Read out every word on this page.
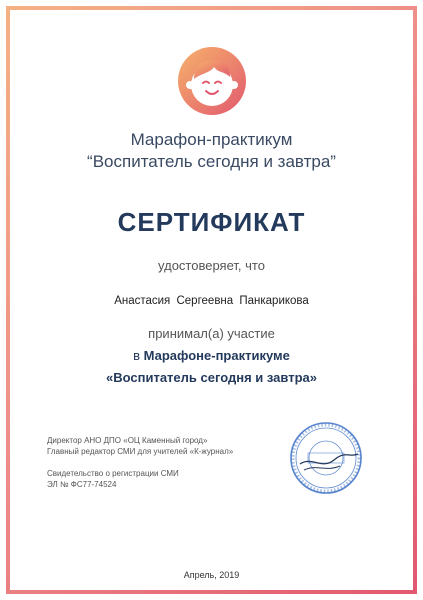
Марафон-практикум
“Воспитатель сегодня и завтра”
СЕРТИФИКАТ
удостоверяет, что
Анастасия Сергеевна Панкарикова
принимал(а) участие
в Марафоне-практикуме
«Воспитатель сегодня и завтра»
Директор АНО ДПО «ОЦ Каменный город»
Главный редактор СМИ для учителей «К-журнал»
Свидетельство о регистрации СМИ
ЭЛ № ФС77-74524
Апрель, 2019
